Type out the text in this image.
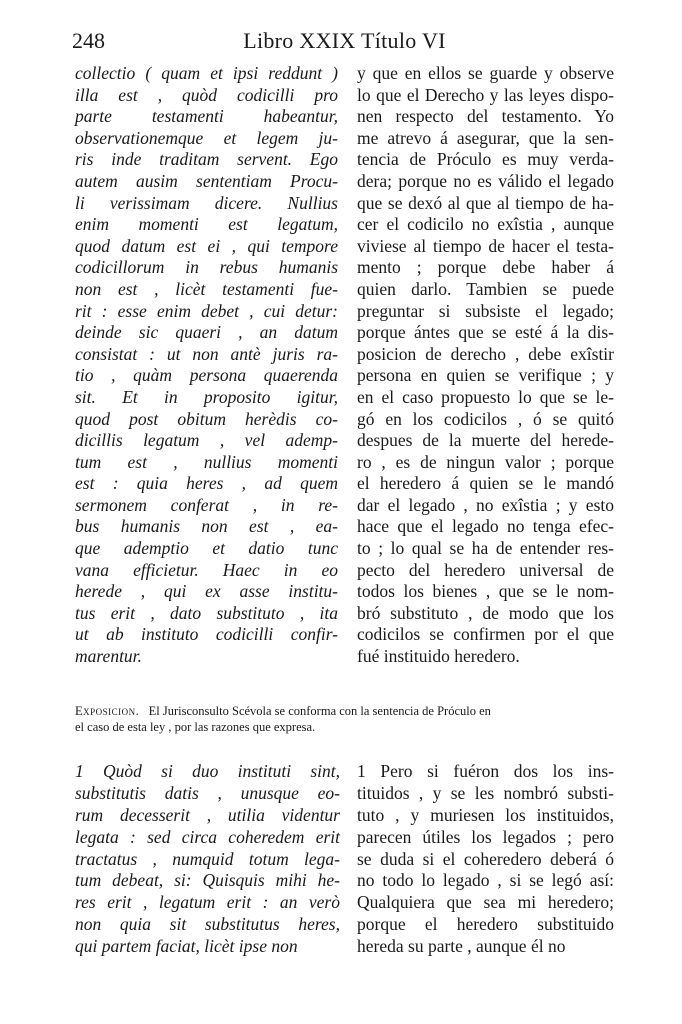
248	Libro XXIX Título VI
collectio ( quam et ipsi reddunt )
illa est , quòd codicilli pro
parte testamenti habeantur,
observationemque et legem ju-
ris inde traditam servent. Ego
autem ausim sententiam Procu-
li verissimam dicere. Nullius
enim momenti est legatum,
quod datum est ei , qui tempore
codicillorum in rebus humanis
non est , licèt testamenti fue-
rit : esse enim debet , cui detur:
deinde sic quaeri , an datum
consistat : ut non antè juris ra-
tio , quàm persona quaerenda
sit. Et in proposito igitur,
quod post obitum herèdis co-
dicillis legatum , vel ademp-
tum est , nullius momenti
est : quia heres , ad quem
sermonem conferat , in re-
bus humanis non est , ea-
que ademptio et datio tunc
vana efficietur. Haec in eo
herede , qui ex asse institu-
tus erit , dato substituto , ita
ut ab instituto codicilli confir-
marentur.
y que en ellos se guarde y observe
lo que el Derecho y las leyes dispo-
nen respecto del testamento. Yo
me atrevo á asegurar, que la sen-
tencia de Próculo es muy verda-
dera; porque no es válido el legado
que se dexó al que al tiempo de ha-
cer el codicilo no exîstia , aunque
viviese al tiempo de hacer el testa-
mento ; porque debe haber á
quien darlo. Tambien se puede
preguntar si subsiste el legado;
porque ántes que se esté á la dis-
posicion de derecho , debe exîstir
persona en quien se verifique ; y
en el caso propuesto lo que se le-
gó en los codicilos , ó se quitó
despues de la muerte del herede-
ro , es de ningun valor ; porque
el heredero á quien se le mandó
dar el legado , no exîstia ; y esto
hace que el legado no tenga efec-
to ; lo qual se ha de entender res-
pecto del heredero universal de
todos los bienes , que se le nom-
bró substituto , de modo que los
codicilos se confirmen por el que
fué instituido heredero.
Exposicion. El Jurisconsulto Scévola se conforma con la sentencia de Próculo en
el caso de esta ley , por las razones que expresa.
1 Quòd si duo instituti sint,
substitutis datis , unusque eo-
rum decesserit , utilia videntur
legata : sed circa coheredem erit
tractatus , numquid totum lega-
tum debeat, si: Quisquis mihi he-
res erit , legatum erit : an verò
non quia sit substitutus heres,
qui partem faciat, licèt ipse non
1 Pero si fuéron dos los ins-
tituidos , y se les nombró substi-
tuto , y muriesen los instituidos,
parecen útiles los legados ; pero
se duda si el coheredero deberá ó
no todo lo legado , si se legó así:
Qualquiera que sea mi heredero;
porque el heredero substituido
hereda su parte , aunque él no
